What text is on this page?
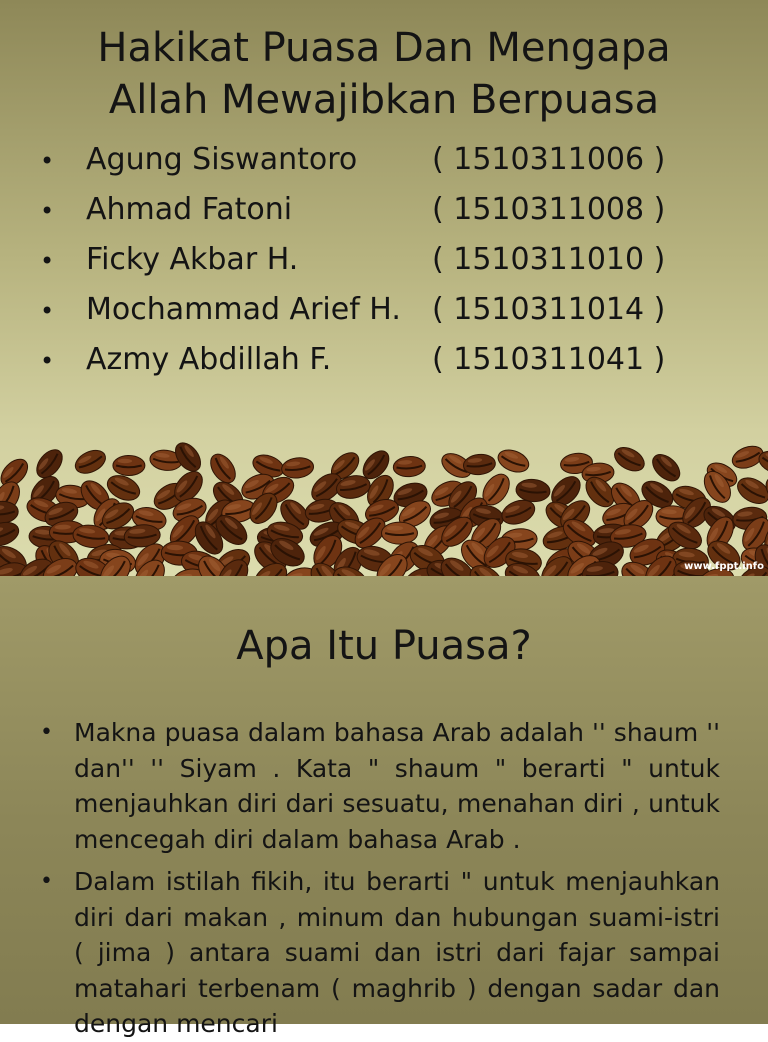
Hakikat Puasa Dan Mengapa
Allah Mewajibkan Berpuasa
• Agung Siswantoro ( 1510311006 )
• Ahmad Fatoni	( 1510311008 )
• Ficky Akbar H.	( 1510311010 )
• Mochammad Arief H. ( 1510311014 )
• Azmy Abdillah F.	( 1510311041 )
www.fppt.info
Apa Itu Puasa?
• Makna puasa dalam bahasa Arab adalah '' shaum '' dan'' '' Siyam . Kata " shaum " berarti " untuk menjauhkan diri dari sesuatu, menahan diri , untuk mencegah diri dalam bahasa Arab .
• Dalam istilah fikih, itu berarti " untuk menjauhkan diri dari makan , minum dan hubungan suami-istri ( jima ) antara suami dan istri dari fajar sampai matahari terbenam ( maghrib ) dengan sadar dan dengan mencari
